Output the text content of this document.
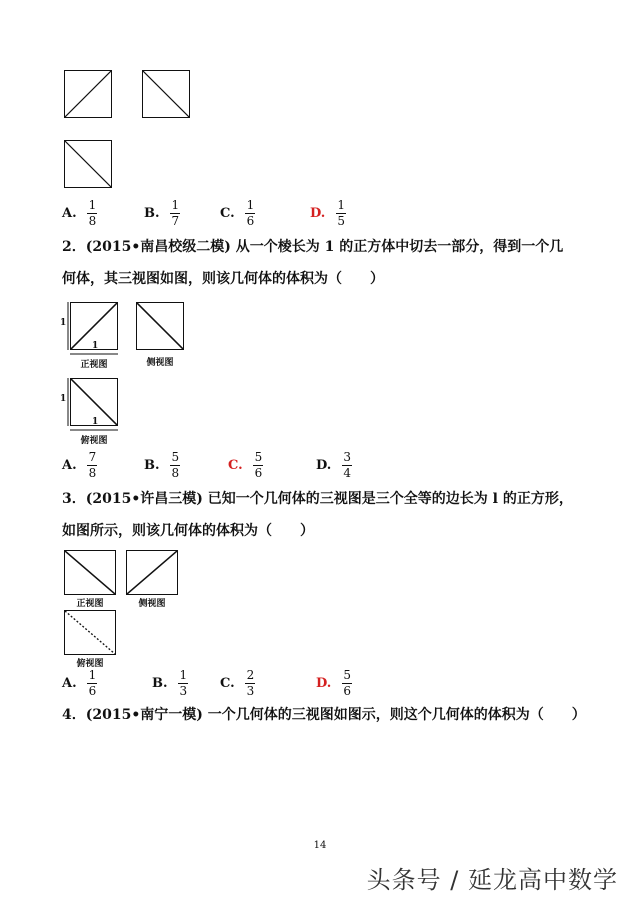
A. $\frac{1}{8}$	B. $\frac{1}{7}$	C. $\frac{1}{6}$	D. $\frac{1}{5}$
2．(2015•南昌校级二模) 从一个棱长为 1 的正方体中切去一部分，得到一个几
何体，其三视图如图，则该几何体的体积为（　　）
1
1
正视图	侧视图
1
1
俯视图
A. $\frac{7}{8}$	B. $\frac{5}{8}$	C. $\frac{5}{6}$	D. $\frac{3}{4}$
3．(2015•许昌三模) 已知一个几何体的三视图是三个全等的边长为 l 的正方形，
如图所示，则该几何体的体积为（　　）
正视图	侧视图
俯视图
A. $\frac{1}{6}$	B. $\frac{1}{3} C$. $\frac{2}{3}$	D. $\frac{5}{6}$
4．(2015•南宁一模) 一个几何体的三视图如图示，则这个几何体的体积为（　　）
14
头条号 / 延龙高中数学
